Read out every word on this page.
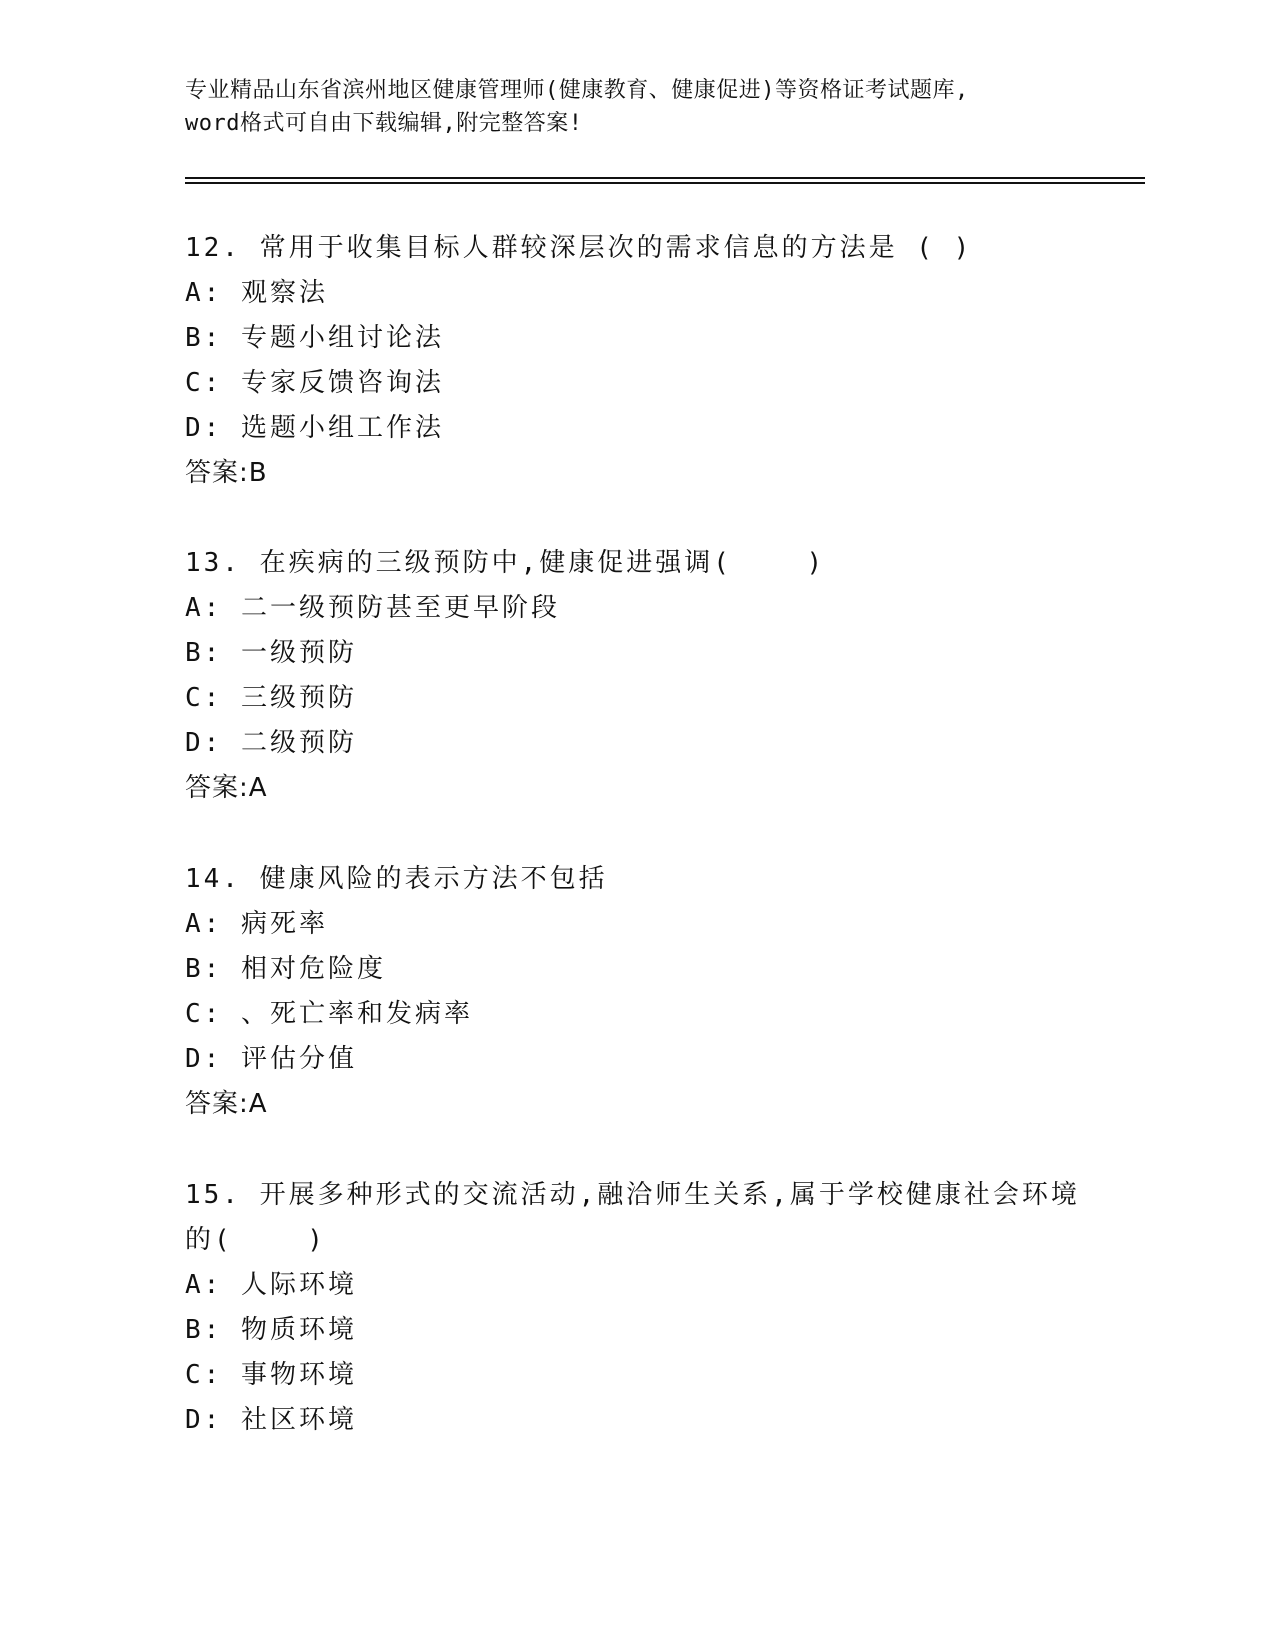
专业精品山东省滨州地区健康管理师(健康教育、健康促进)等资格证考试题库,
word格式可自由下载编辑,附完整答案!
12. 常用于收集目标人群较深层次的需求信息的方法是 ( )
A: 观察法
B: 专题小组讨论法
C: 专家反馈咨询法
D: 选题小组工作法
答案:B
13. 在疾病的三级预防中,健康促进强调(    )
A: 二一级预防甚至更早阶段
B: 一级预防
C: 三级预防
D: 二级预防
答案:A
14. 健康风险的表示方法不包括
A: 病死率
B: 相对危险度
C: 、死亡率和发病率
D: 评估分值
答案:A
15. 开展多种形式的交流活动,融洽师生关系,属于学校健康社会环境
的(    )
A: 人际环境
B: 物质环境
C: 事物环境
D: 社区环境
